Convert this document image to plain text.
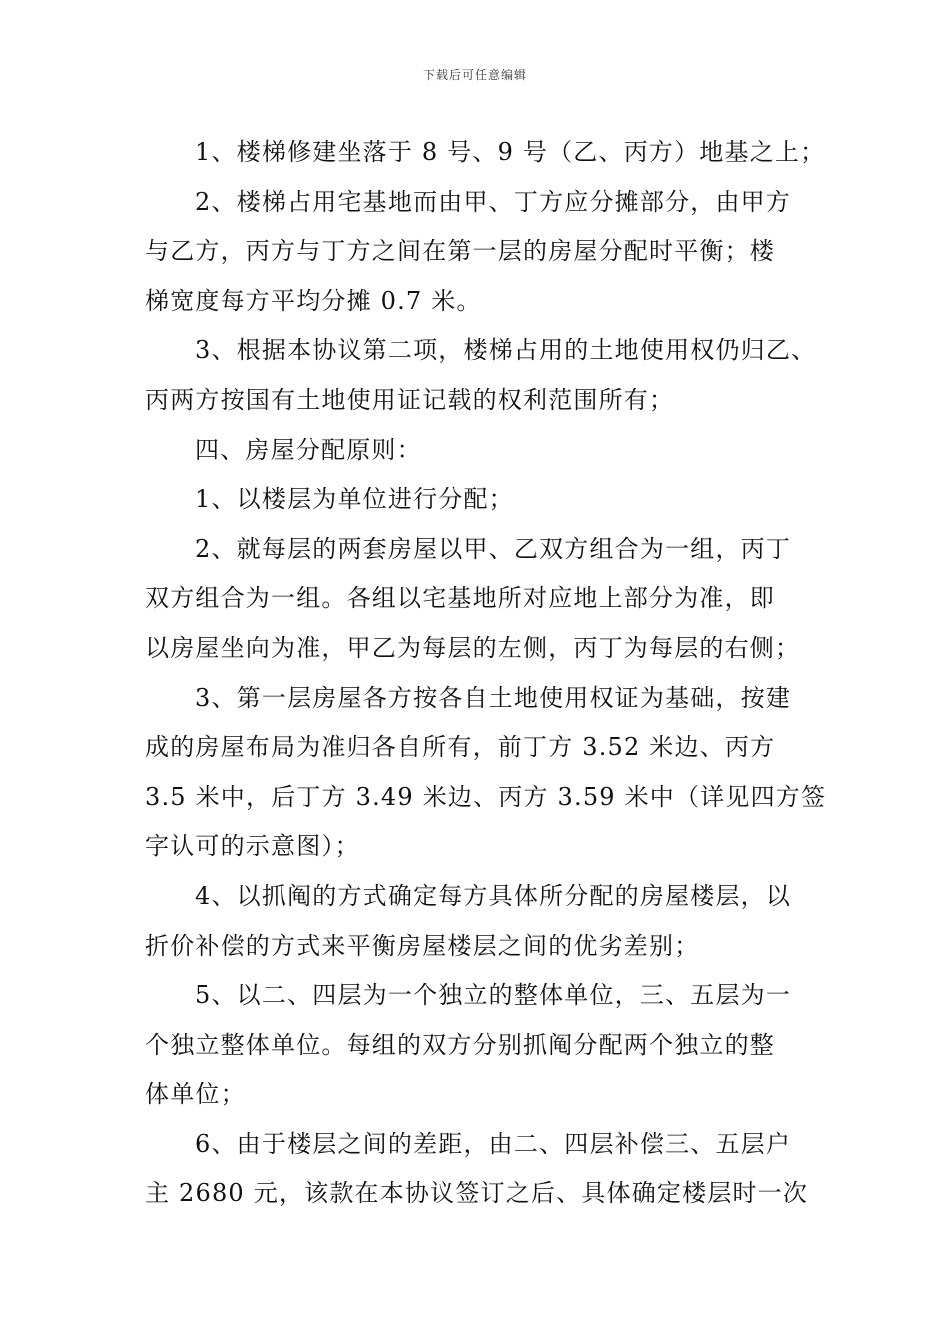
下载后可任意编辑
1、楼梯修建坐落于 8 号、9 号（乙、丙方）地基之上；
2、楼梯占用宅基地而由甲、丁方应分摊部分，由甲方
与乙方，丙方与丁方之间在第一层的房屋分配时平衡；楼
梯宽度每方平均分摊 0.7 米。
3、根据本协议第二项，楼梯占用的土地使用权仍归乙、
丙两方按国有土地使用证记载的权利范围所有；
四、房屋分配原则：
1、以楼层为单位进行分配；
2、就每层的两套房屋以甲、乙双方组合为一组，丙丁
双方组合为一组。各组以宅基地所对应地上部分为准，即
以房屋坐向为准，甲乙为每层的左侧，丙丁为每层的右侧；
3、第一层房屋各方按各自土地使用权证为基础，按建
成的房屋布局为准归各自所有，前丁方 3.52 米边、丙方
3.5 米中，后丁方 3.49 米边、丙方 3.59 米中（详见四方签
字认可的示意图）；
4、以抓阄的方式确定每方具体所分配的房屋楼层，以
折价补偿的方式来平衡房屋楼层之间的优劣差别；
5、以二、四层为一个独立的整体单位，三、五层为一
个独立整体单位。每组的双方分别抓阄分配两个独立的整
体单位；
6、由于楼层之间的差距，由二、四层补偿三、五层户
主 2680 元，该款在本协议签订之后、具体确定楼层时一次
